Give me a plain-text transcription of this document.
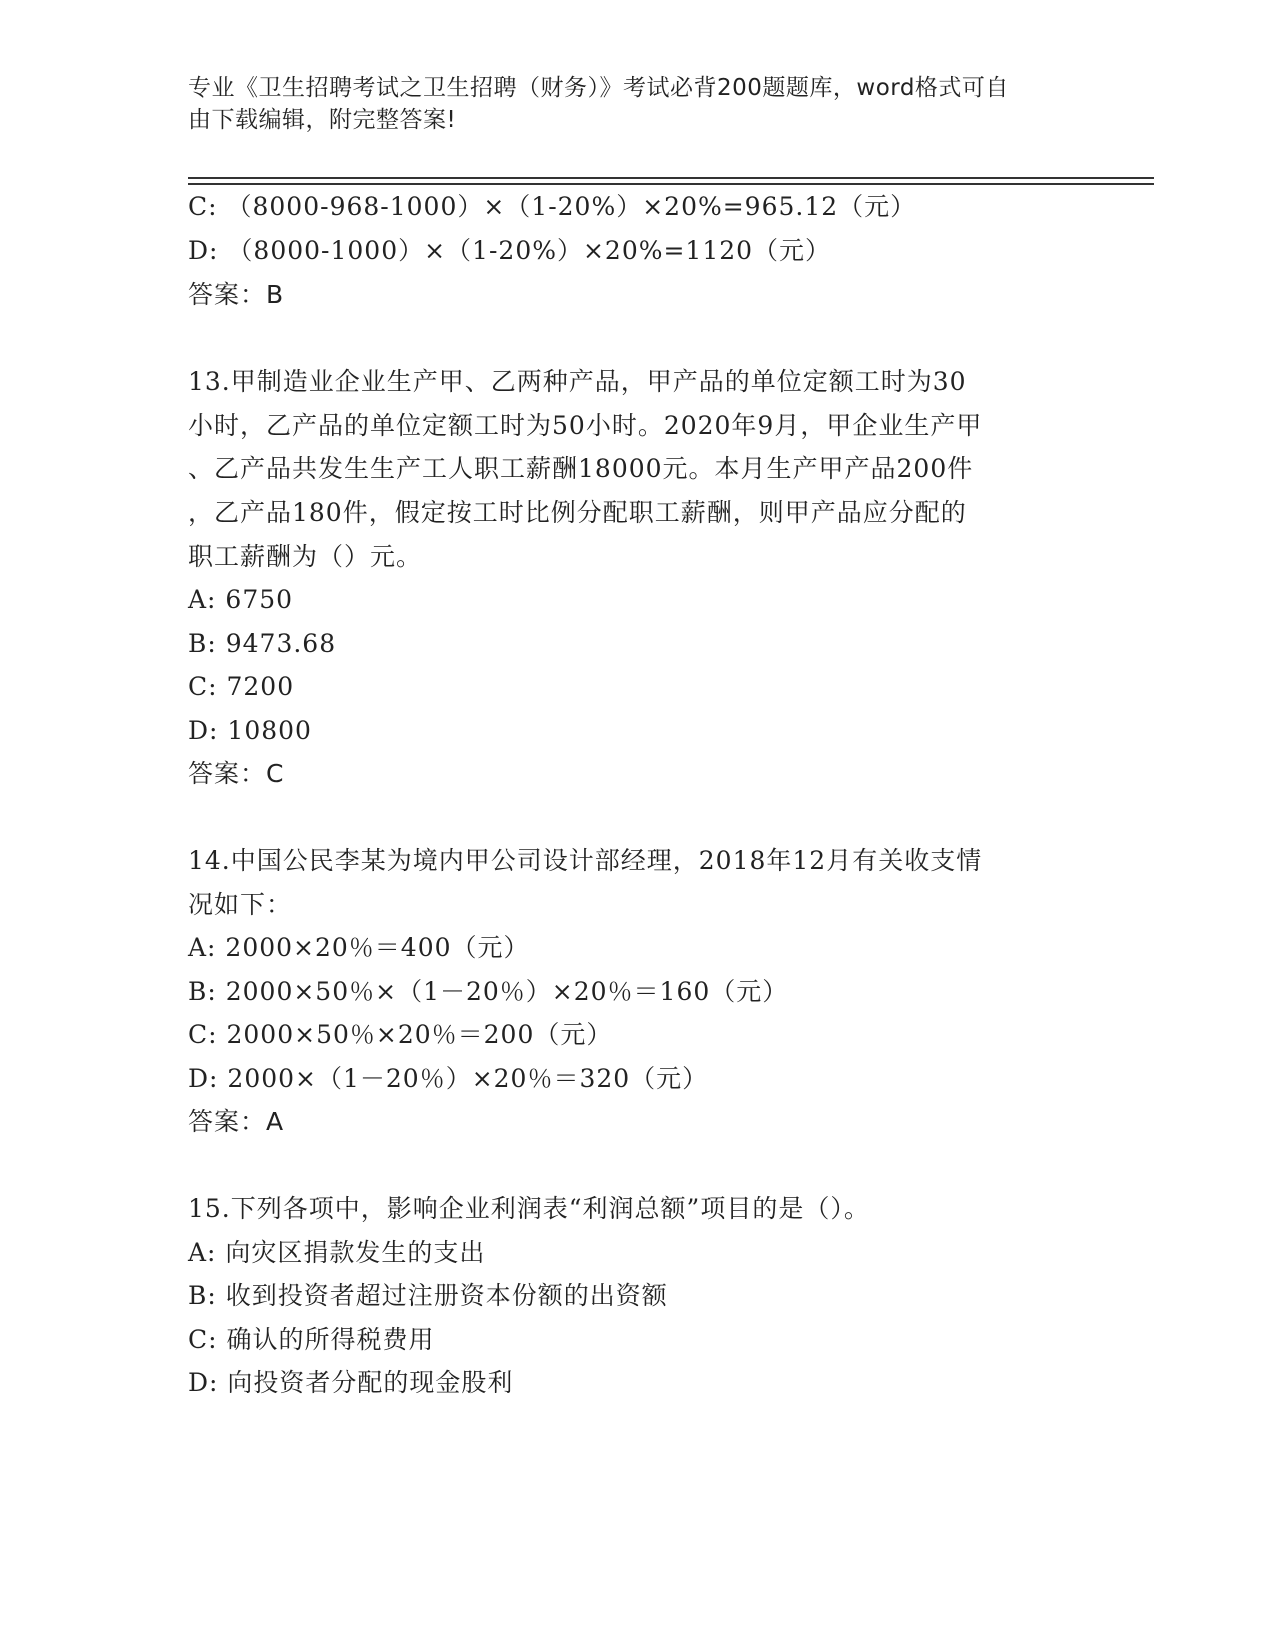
专业《卫生招聘考试之卫生招聘（财务）》考试必背200题题库，word格式可自
由下载编辑，附完整答案!
C: （8000-968-1000）×（1-20%）×20%=965.12（元）
D: （8000-1000）×（1-20%）×20%=1120（元）
答案：B
13.甲制造业企业生产甲、乙两种产品，甲产品的单位定额工时为30
小时，乙产品的单位定额工时为50小时。2020年9月，甲企业生产甲
、乙产品共发生生产工人职工薪酬18000元。本月生产甲产品200件
，乙产品180件，假定按工时比例分配职工薪酬，则甲产品应分配的
职工薪酬为（）元。
A: 6750
B: 9473.68
C: 7200
D: 10800
答案：C
14.中国公民李某为境内甲公司设计部经理，2018年12月有关收支情
况如下：
A: 2000×20％＝400（元）
B: 2000×50％×（1－20％）×20％＝160（元）
C: 2000×50％×20％＝200（元）
D: 2000×（1－20％）×20％＝320（元）
答案：A
15.下列各项中，影响企业利润表“利润总额”项目的是（）。
A: 向灾区捐款发生的支出
B: 收到投资者超过注册资本份额的出资额
C: 确认的所得税费用
D: 向投资者分配的现金股利
